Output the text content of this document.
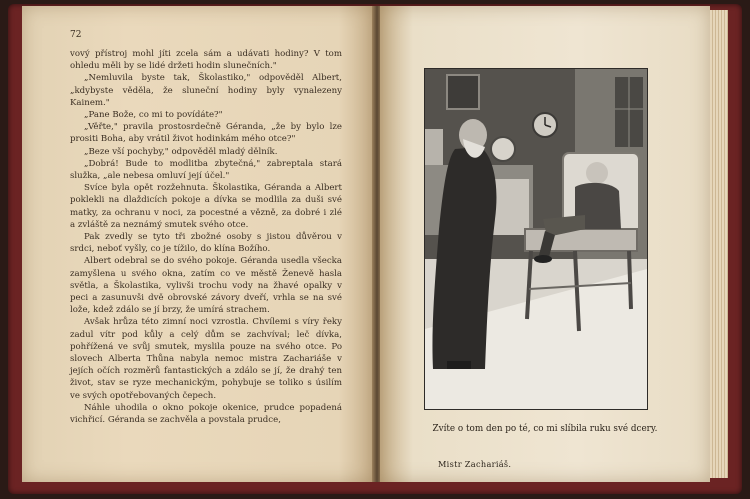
72

vový přístroj mohl jíti zcela sám a udávati hodiny? V tom ohledu měli by se lidé držeti hodin slunečních."

„Nemluvila byste tak, Školastiko," odpověděl Albert, „kdybyste věděla, že sluneční hodiny byly vynalezeny Kainem."

„Pane Bože, co mi to povídáte?"

„Věřte," pravila prostosrdečně Géranda, „že by bylo lze prositi Boha, aby vrátil život hodinkám mého otce?"

„Beze vší pochyby," odpověděl mladý dělník.

„Dobrá! Bude to modlitba zbytečná," zabreptala stará služka, „ale nebesa omluví její účel."

Svíce byla opět rozžehnuta. Školastika, Géranda a Albert poklekli na dlaždicích pokoje a dívka se modlila za duši své matky, za ochranu v noci, za pocestné a vězně, za dobré i zlé a zvláště za neznámý smutek svého otce.

Pak zvedly se tyto tři zbožné osoby s jistou důvěrou v srdci, neboť vyšly, co je tížilo, do klína Božího.

Albert odebral se do svého pokoje. Géranda usedla všecka zamyšlena u svého okna, zatím co ve městě Ženevě hasla světla, a Školastika, vylivši trochu vody na žhavé opalky v peci a zasunuvši dvě obrovské závory dveří, vrhla se na své lože, kdež zdálo se jí brzy, že umírá strachem.

Avšak hrůza této zimní noci vzrostla. Chvílemi s víry řeky zadul vítr pod kůly a celý dům se zachvíval; leč dívka, pohřížená ve svůj smutek, myslila pouze na svého otce. Po slovech Alberta Thůna nabyla nemoc mistra Zachariáše v jejích očích rozměrů fantastických a zdálo se jí, že drahý ten život, stav se ryze mechanickým, pohybuje se toliko s úsilím ve svých opotřebovaných čepech.

Náhle uhodila o okno pokoje okenice, prudce popadená vichřicí. Géranda se zachvěla a povstala prudce,

Zvíte o tom den po té, co mi slíbila ruku své dcery.
Mistr Zachariáš.
